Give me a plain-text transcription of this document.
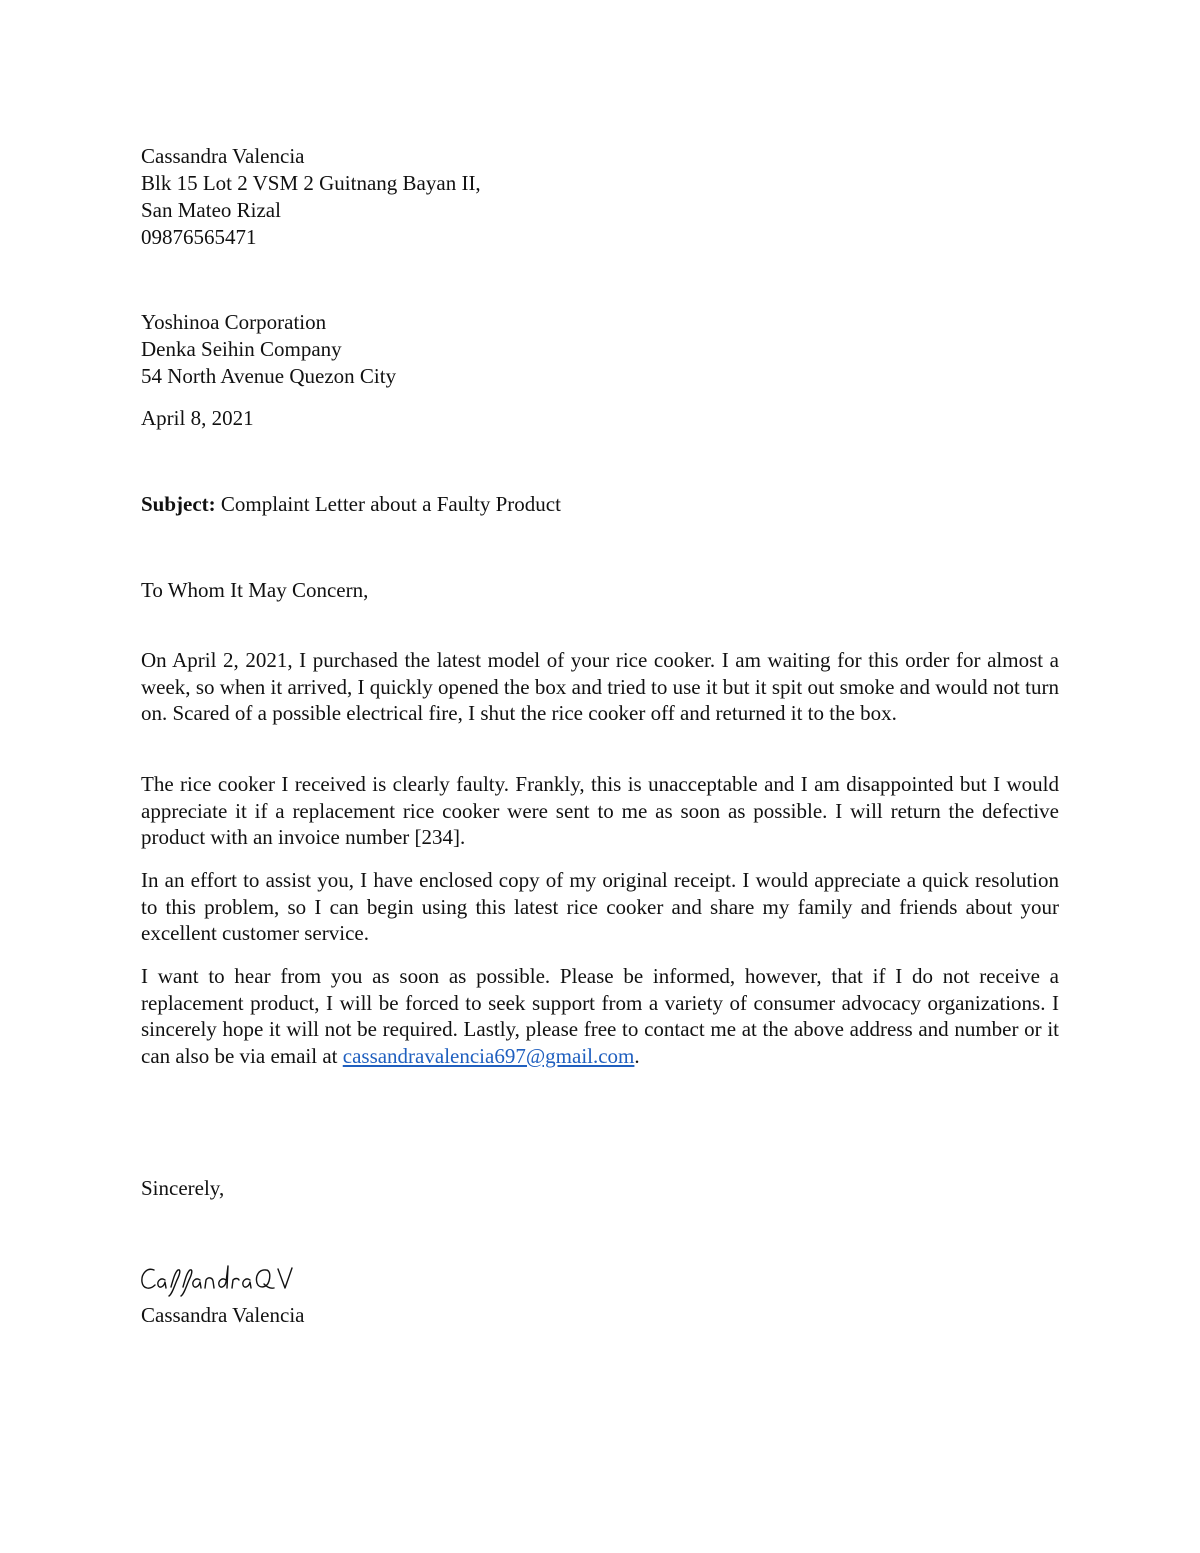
Cassandra Valencia
Blk 15 Lot 2 VSM 2 Guitnang Bayan II,
San Mateo Rizal
09876565471
Yoshinoa Corporation
Denka Seihin Company
54 North Avenue Quezon City
April 8, 2021
Subject: Complaint Letter about a Faulty Product
To Whom It May Concern,

On April 2, 2021, I purchased the latest model of your rice cooker. I am waiting for this order for almost a week, so when it arrived, I quickly opened the box and tried to use it but it spit out smoke and would not turn on. Scared of a possible electrical fire, I shut the rice cooker off and returned it to the box.

The rice cooker I received is clearly faulty. Frankly, this is unacceptable and I am disappointed but I would appreciate it if a replacement rice cooker were sent to me as soon as possible. I will return the defective product with an invoice number [234].

In an effort to assist you, I have enclosed copy of my original receipt. I would appreciate a quick resolution to this problem, so I can begin using this latest rice cooker and share my family and friends about your excellent customer service.

I want to hear from you as soon as possible. Please be informed, however, that if I do not receive a replacement product, I will be forced to seek support from a variety of consumer advocacy organizations. I sincerely hope it will not be required. Lastly, please free to contact me at the above address and number or it can also be via email at cassandravalencia697@gmail.com.

Sincerely,
Cassandra Valencia
